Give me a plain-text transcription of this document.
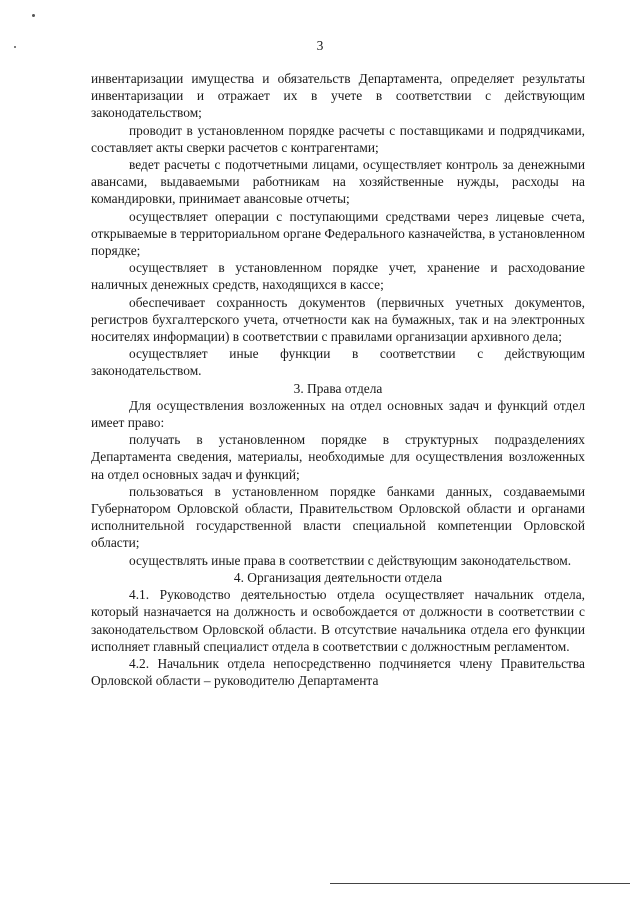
3

инвентаризации имущества и обязательств Департамента, определяет результаты инвентаризации и отражает их в учете в соответствии с действующим законодательством;

проводит в установленном порядке расчеты с поставщиками и подрядчиками, составляет акты сверки расчетов с контрагентами;

ведет расчеты с подотчетными лицами, осуществляет контроль за денежными авансами, выдаваемыми работникам на хозяйственные нужды, расходы на командировки, принимает авансовые отчеты;

осуществляет операции с поступающими средствами через лицевые счета, открываемые в территориальном органе Федерального казначейства, в установленном порядке;

осуществляет в установленном порядке учет, хранение и расходование наличных денежных средств, находящихся в кассе;

обеспечивает сохранность документов (первичных учетных документов, регистров бухгалтерского учета, отчетности как на бумажных, так и на электронных носителях информации) в соответствии с правилами организации архивного дела;

осуществляет иные функции в соответствии с действующим законодательством.

3. Права отдела

Для осуществления возложенных на отдел основных задач и функций отдел имеет право:

получать в установленном порядке в структурных подразделениях Департамента сведения, материалы, необходимые для осуществления возложенных на отдел основных задач и функций;

пользоваться в установленном порядке банками данных, создаваемыми Губернатором Орловской области, Правительством Орловской области и органами исполнительной государственной власти специальной компетенции Орловской области;

осуществлять иные права в соответствии с действующим законодательством.

4. Организация деятельности отдела

4.1. Руководство деятельностью отдела осуществляет начальник отдела, который назначается на должность и освобождается от должности в соответствии с законодательством Орловской области. В отсутствие начальника отдела его функции исполняет главный специалист отдела в соответствии с должностным регламентом.

4.2. Начальник отдела непосредственно подчиняется члену Правительства Орловской области – руководителю Департамента
